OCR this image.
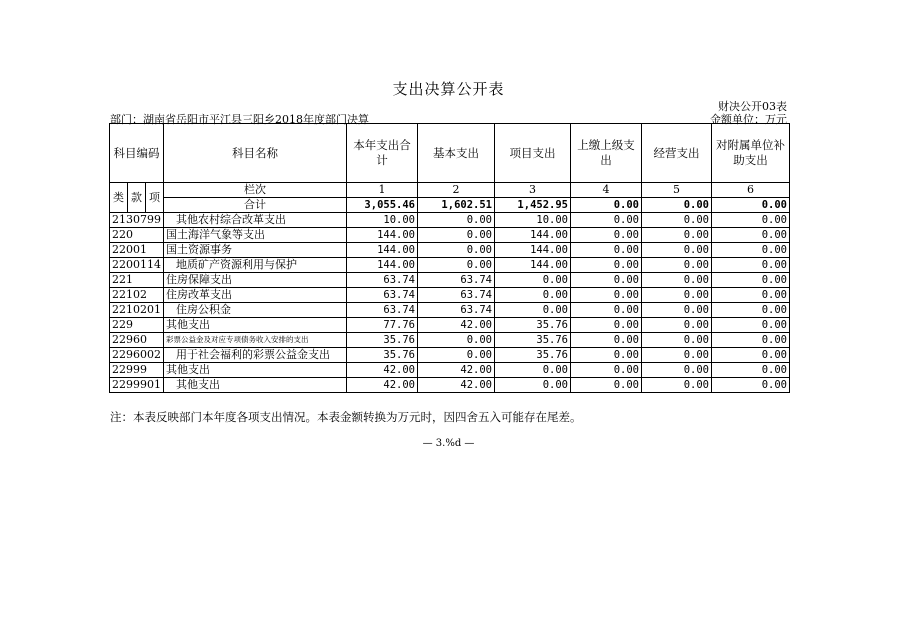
支出决算公开表
财决公开03表
部门：湖南省岳阳市平江县三阳乡2018年度部门决算	金额单位：万元
科目编码			科目名称	本年支出合计	基本支出	项目支出	上缴上级支出	经营支出	对附属单位补助支出
类	款	项	栏次	1	2	3	4	5	6
			合计	3,055.46	1,602.51	1,452.95	0.00	0.00	0.00
2130799			其他农村综合改革支出	10.00	0.00	10.00	0.00	0.00	0.00
220			国土海洋气象等支出	144.00	0.00	144.00	0.00	0.00	0.00
22001			国土资源事务	144.00	0.00	144.00	0.00	0.00	0.00
2200114			地质矿产资源利用与保护	144.00	0.00	144.00	0.00	0.00	0.00
221			住房保障支出	63.74	63.74	0.00	0.00	0.00	0.00
22102			住房改革支出	63.74	63.74	0.00	0.00	0.00	0.00
2210201			住房公积金	63.74	63.74	0.00	0.00	0.00	0.00
229			其他支出	77.76	42.00	35.76	0.00	0.00	0.00
22960			彩票公益金及对应专项债务收入安排的支出	35.76	0.00	35.76	0.00	0.00	0.00
2296002			用于社会福利的彩票公益金支出	35.76	0.00	35.76	0.00	0.00	0.00
22999			其他支出	42.00	42.00	0.00	0.00	0.00	0.00
2299901			其他支出	42.00	42.00	0.00	0.00	0.00	0.00
注：本表反映部门本年度各项支出情况。本表金额转换为万元时，因四舍五入可能存在尾差。
— 3.%d —
